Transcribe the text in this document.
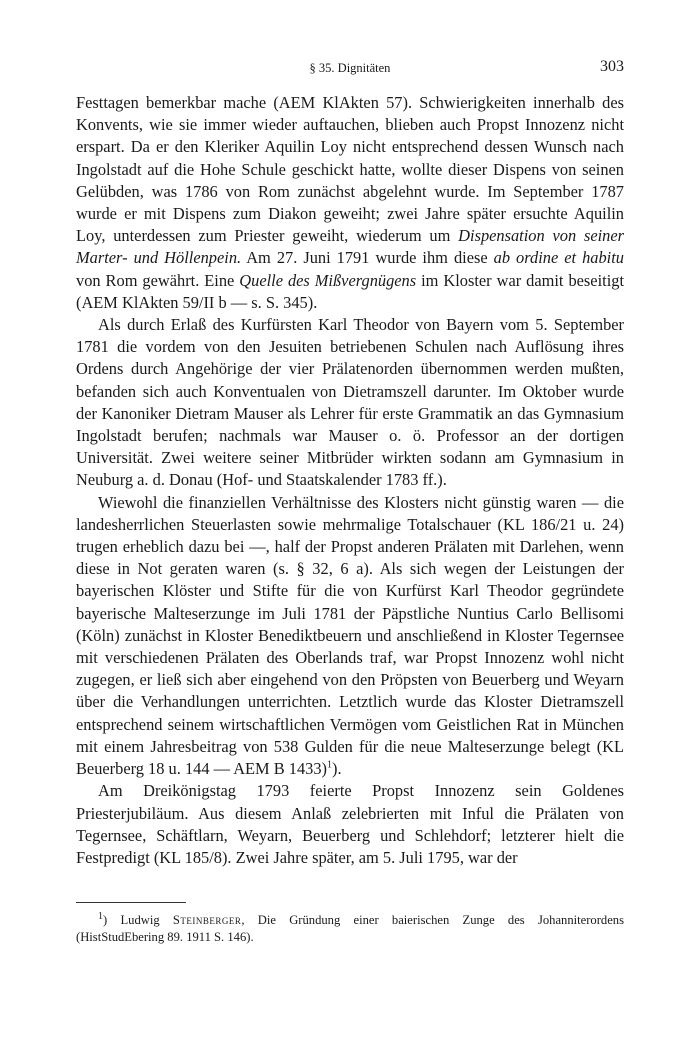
§ 35. Dignitäten	303

Festtagen bemerkbar mache (AEM KlAkten 57). Schwierigkeiten innerhalb des Konvents, wie sie immer wieder auftauchen, blieben auch Propst Innozenz nicht erspart. Da er den Kleriker Aquilin Loy nicht entsprechend dessen Wunsch nach Ingolstadt auf die Hohe Schule geschickt hatte, wollte dieser Dispens von seinen Gelübden, was 1786 von Rom zunächst abgelehnt wurde. Im September 1787 wurde er mit Dispens zum Diakon geweiht; zwei Jahre später ersuchte Aquilin Loy, unterdessen zum Priester geweiht, wiederum um Dispensation von seiner Marter- und Höllenpein. Am 27. Juni 1791 wurde ihm diese ab ordine et habitu von Rom gewährt. Eine Quelle des Mißvergnügens im Kloster war damit beseitigt (AEM KlAkten 59/II b — s. S. 345).

Als durch Erlaß des Kurfürsten Karl Theodor von Bayern vom 5. September 1781 die vordem von den Jesuiten betriebenen Schulen nach Auflösung ihres Ordens durch Angehörige der vier Prälatenorden übernommen werden mußten, befanden sich auch Konventualen von Dietramszell darunter. Im Oktober wurde der Kanoniker Dietram Mauser als Lehrer für erste Grammatik an das Gymnasium Ingolstadt berufen; nachmals war Mauser o. ö. Professor an der dortigen Universität. Zwei weitere seiner Mitbrüder wirkten sodann am Gymnasium in Neuburg a. d. Donau (Hof- und Staatskalender 1783 ff.).

Wiewohl die finanziellen Verhältnisse des Klosters nicht günstig waren — die landesherrlichen Steuerlasten sowie mehrmalige Totalschauer (KL 186/21 u. 24) trugen erheblich dazu bei —, half der Propst anderen Prälaten mit Darlehen, wenn diese in Not geraten waren (s. § 32, 6 a). Als sich wegen der Leistungen der bayerischen Klöster und Stifte für die von Kurfürst Karl Theodor gegründete bayerische Malteserzunge im Juli 1781 der Päpstliche Nuntius Carlo Bellisomi (Köln) zunächst in Kloster Benediktbeuern und anschließend in Kloster Tegernsee mit verschiedenen Prälaten des Oberlands traf, war Propst Innozenz wohl nicht zugegen, er ließ sich aber eingehend von den Pröpsten von Beuerberg und Weyarn über die Verhandlungen unterrichten. Letztlich wurde das Kloster Dietramszell entsprechend seinem wirtschaftlichen Vermögen vom Geistlichen Rat in München mit einem Jahresbeitrag von 538 Gulden für die neue Malteserzunge belegt (KL Beuerberg 18 u. 144 — AEM B 1433)$^1$).

Am Dreikönigstag 1793 feierte Propst Innozenz sein Goldenes Priesterjubiläum. Aus diesem Anlaß zelebrierten mit Inful die Prälaten von Tegernsee, Schäftlarn, Weyarn, Beuerberg und Schlehdorf; letzterer hielt die Festpredigt (KL 185/8). Zwei Jahre später, am 5. Juli 1795, war der

$^1$) Ludwig Steinberger, Die Gründung einer baierischen Zunge des Johanniterordens (HistStudEbering 89. 1911 S. 146).
